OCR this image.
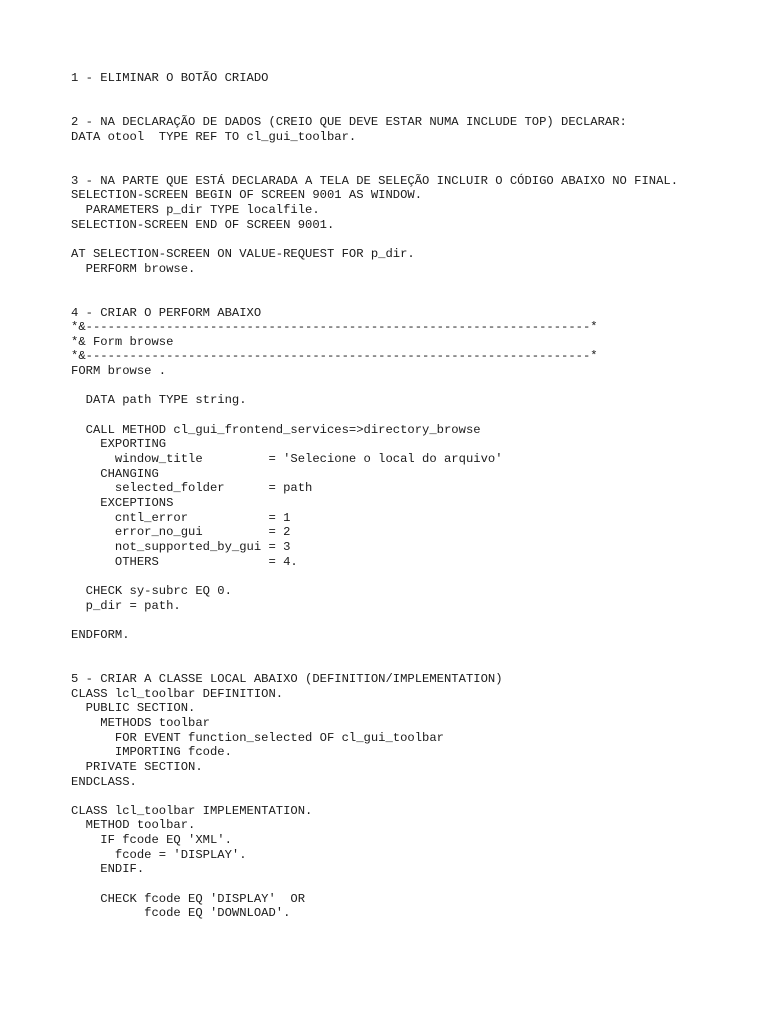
1 - ELIMINAR O BOTÃO CRIADO
2 - NA DECLARAÇÃO DE DADOS (CREIO QUE DEVE ESTAR NUMA INCLUDE TOP) DECLARAR:
DATA otool  TYPE REF TO cl_gui_toolbar.
3 - NA PARTE QUE ESTÁ DECLARADA A TELA DE SELEÇÃO INCLUIR O CÓDIGO ABAIXO NO FINAL.
SELECTION-SCREEN BEGIN OF SCREEN 9001 AS WINDOW.
PARAMETERS p_dir TYPE localfile.
SELECTION-SCREEN END OF SCREEN 9001.
AT SELECTION-SCREEN ON VALUE-REQUEST FOR p_dir.
PERFORM browse.
4 - CRIAR O PERFORM ABAIXO
*&---------------------------------------------------------------------*
*& Form browse
*&---------------------------------------------------------------------*
FORM browse .
DATA path TYPE string.
CALL METHOD cl_gui_frontend_services=>directory_browse
EXPORTING
window_title         = 'Selecione o local do arquivo'
CHANGING
selected_folder      = path
EXCEPTIONS
cntl_error           = 1
error_no_gui         = 2
not_supported_by_gui = 3
OTHERS               = 4.
CHECK sy-subrc EQ 0.
p_dir = path.
ENDFORM.
5 - CRIAR A CLASSE LOCAL ABAIXO (DEFINITION/IMPLEMENTATION)
CLASS lcl_toolbar DEFINITION.
PUBLIC SECTION.
METHODS toolbar
FOR EVENT function_selected OF cl_gui_toolbar
IMPORTING fcode.
PRIVATE SECTION.
ENDCLASS.
CLASS lcl_toolbar IMPLEMENTATION.
METHOD toolbar.
IF fcode EQ 'XML'.
fcode = 'DISPLAY'.
ENDIF.
CHECK fcode EQ 'DISPLAY'  OR
fcode EQ 'DOWNLOAD'.
